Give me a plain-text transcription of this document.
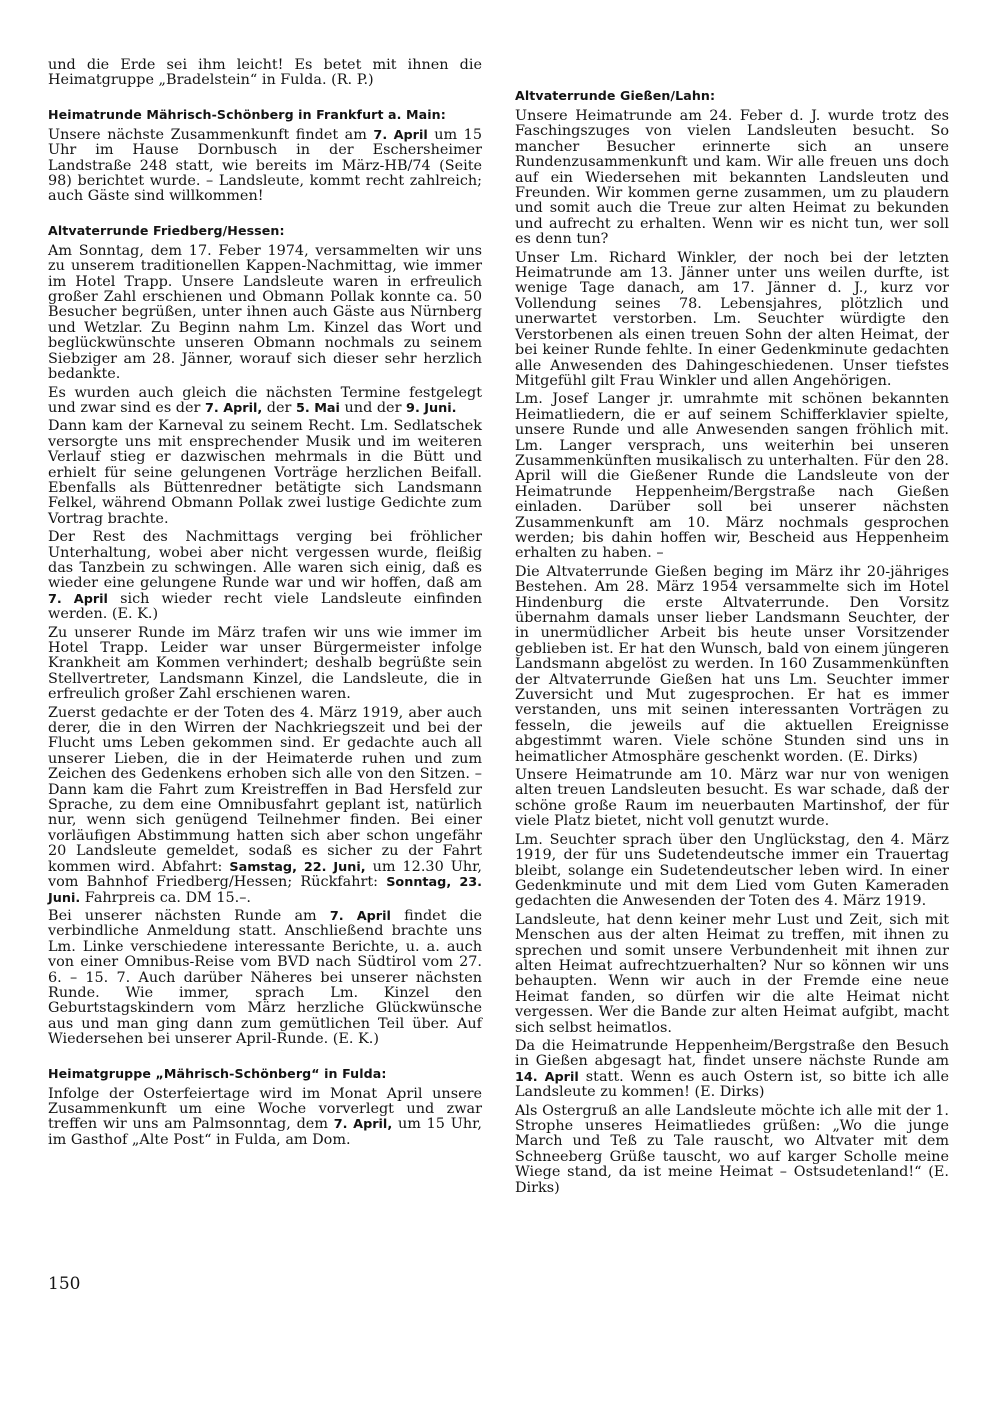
und die Erde sei ihm leicht! Es betet mit ihnen die Heimatgruppe „Bradelstein“ in Fulda. (R. P.)

Heimatrunde Mährisch-Schönberg in Frankfurt a. Main:

Unsere nächste Zusammenkunft findet am 7. April um 15 Uhr im Hause Dornbusch in der Eschersheimer Landstraße 248 statt, wie bereits im März-HB/74 (Seite 98) berichtet wurde. – Landsleute, kommt recht zahlreich; auch Gäste sind willkommen!

Altvaterrunde Friedberg/Hessen:

Am Sonntag, dem 17. Feber 1974, versammelten wir uns zu unserem traditionellen Kappen-Nachmittag, wie immer im Hotel Trapp. Unsere Landsleute waren in erfreulich großer Zahl erschienen und Obmann Pollak konnte ca. 50 Besucher begrüßen, unter ihnen auch Gäste aus Nürnberg und Wetzlar. Zu Beginn nahm Lm. Kinzel das Wort und beglückwünschte unseren Obmann nochmals zu seinem Siebziger am 28. Jänner, worauf sich dieser sehr herzlich bedankte.

Es wurden auch gleich die nächsten Termine festgelegt und zwar sind es der 7. April, der 5. Mai und der 9. Juni.

Dann kam der Karneval zu seinem Recht. Lm. Sedlatschek versorgte uns mit ensprechender Musik und im weiteren Verlauf stieg er dazwischen mehrmals in die Bütt und erhielt für seine gelungenen Vorträge herzlichen Beifall. Ebenfalls als Büttenredner betätigte sich Landsmann Felkel, während Obmann Pollak zwei lustige Gedichte zum Vortrag brachte.

Der Rest des Nachmittags verging bei fröhlicher Unterhaltung, wobei aber nicht vergessen wurde, fleißig das Tanzbein zu schwingen. Alle waren sich einig, daß es wieder eine gelungene Runde war und wir hoffen, daß am 7. April sich wieder recht viele Landsleute einfinden werden. (E. K.)

Zu unserer Runde im März trafen wir uns wie immer im Hotel Trapp. Leider war unser Bürgermeister infolge Krankheit am Kommen verhindert; deshalb begrüßte sein Stellvertreter, Landsmann Kinzel, die Landsleute, die in erfreulich großer Zahl erschienen waren.

Zuerst gedachte er der Toten des 4. März 1919, aber auch derer, die in den Wirren der Nachkriegszeit und bei der Flucht ums Leben gekommen sind. Er gedachte auch all unserer Lieben, die in der Heimaterde ruhen und zum Zeichen des Gedenkens erhoben sich alle von den Sitzen. – Dann kam die Fahrt zum Kreistreffen in Bad Hersfeld zur Sprache, zu dem eine Omnibusfahrt geplant ist, natürlich nur, wenn sich genügend Teilnehmer finden. Bei einer vorläufigen Abstimmung hatten sich aber schon ungefähr 20 Landsleute gemeldet, sodaß es sicher zu der Fahrt kommen wird. Abfahrt: Samstag, 22. Juni, um 12.30 Uhr, vom Bahnhof Friedberg/Hessen; Rückfahrt: Sonntag, 23. Juni. Fahrpreis ca. DM 15.–.

Bei unserer nächsten Runde am 7. April findet die verbindliche Anmeldung statt. Anschließend brachte uns Lm. Linke verschiedene interessante Berichte, u. a. auch von einer Omnibus-Reise vom BVD nach Südtirol vom 27. 6. – 15. 7. Auch darüber Näheres bei unserer nächsten Runde. Wie immer, sprach Lm. Kinzel den Geburtstagskindern vom März herzliche Glückwünsche aus und man ging dann zum gemütlichen Teil über. Auf Wiedersehen bei unserer April-Runde. (E. K.)

Heimatgruppe „Mährisch-Schönberg“ in Fulda:

Infolge der Osterfeiertage wird im Monat April unsere Zusammenkunft um eine Woche vorverlegt und zwar treffen wir uns am Palmsonntag, dem 7. April, um 15 Uhr, im Gasthof „Alte Post“ in Fulda, am Dom.

Altvaterrunde Gießen/Lahn:

Unsere Heimatrunde am 24. Feber d. J. wurde trotz des Faschingszuges von vielen Landsleuten besucht. So mancher Besucher erinnerte sich an unsere Rundenzusammenkunft und kam. Wir alle freuen uns doch auf ein Wiedersehen mit bekannten Landsleuten und Freunden. Wir kommen gerne zusammen, um zu plaudern und somit auch die Treue zur alten Heimat zu bekunden und aufrecht zu erhalten. Wenn wir es nicht tun, wer soll es denn tun?

Unser Lm. Richard Winkler, der noch bei der letzten Heimatrunde am 13. Jänner unter uns weilen durfte, ist wenige Tage danach, am 17. Jänner d. J., kurz vor Vollendung seines 78. Lebensjahres, plötzlich und unerwartet verstorben. Lm. Seuchter würdigte den Verstorbenen als einen treuen Sohn der alten Heimat, der bei keiner Runde fehlte. In einer Gedenkminute gedachten alle Anwesenden des Dahingeschiedenen. Unser tiefstes Mitgefühl gilt Frau Winkler und allen Angehörigen.

Lm. Josef Langer jr. umrahmte mit schönen bekannten Heimatliedern, die er auf seinem Schifferklavier spielte, unsere Runde und alle Anwesenden sangen fröhlich mit. Lm. Langer versprach, uns weiterhin bei unseren Zusammenkünften musikalisch zu unterhalten. Für den 28. April will die Gießener Runde die Landsleute von der Heimatrunde Heppenheim/Bergstraße nach Gießen einladen. Darüber soll bei unserer nächsten Zusammenkunft am 10. März nochmals gesprochen werden; bis dahin hoffen wir, Bescheid aus Heppenheim erhalten zu haben. –

Die Altvaterrunde Gießen beging im März ihr 20-jähriges Bestehen. Am 28. März 1954 versammelte sich im Hotel Hindenburg die erste Altvaterrunde. Den Vorsitz übernahm damals unser lieber Landsmann Seuchter, der in unermüdlicher Arbeit bis heute unser Vorsitzender geblieben ist. Er hat den Wunsch, bald von einem jüngeren Landsmann abgelöst zu werden. In 160 Zusammenkünften der Altvaterrunde Gießen hat uns Lm. Seuchter immer Zuversicht und Mut zugesprochen. Er hat es immer verstanden, uns mit seinen interessanten Vorträgen zu fesseln, die jeweils auf die aktuellen Ereignisse abgestimmt waren. Viele schöne Stunden sind uns in heimatlicher Atmosphäre geschenkt worden. (E. Dirks)

Unsere Heimatrunde am 10. März war nur von wenigen alten treuen Landsleuten besucht. Es war schade, daß der schöne große Raum im neuerbauten Martinshof, der für viele Platz bietet, nicht voll genutzt wurde.

Lm. Seuchter sprach über den Unglückstag, den 4. März 1919, der für uns Sudetendeutsche immer ein Trauertag bleibt, solange ein Sudetendeutscher leben wird. In einer Gedenkminute und mit dem Lied vom Guten Kameraden gedachten die Anwesenden der Toten des 4. März 1919.

Landsleute, hat denn keiner mehr Lust und Zeit, sich mit Menschen aus der alten Heimat zu treffen, mit ihnen zu sprechen und somit unsere Verbundenheit mit ihnen zur alten Heimat aufrechtzuerhalten? Nur so können wir uns behaupten. Wenn wir auch in der Fremde eine neue Heimat fanden, so dürfen wir die alte Heimat nicht vergessen. Wer die Bande zur alten Heimat aufgibt, macht sich selbst heimatlos.

Da die Heimatrunde Heppenheim/Bergstraße den Besuch in Gießen abgesagt hat, findet unsere nächste Runde am 14. April statt. Wenn es auch Ostern ist, so bitte ich alle Landsleute zu kommen! (E. Dirks)

Als Ostergruß an alle Landsleute möchte ich alle mit der 1. Strophe unseres Heimatliedes grüßen: „Wo die junge March und Teß zu Tale rauscht, wo Altvater mit dem Schneeberg Grüße tauscht, wo auf karger Scholle meine Wiege stand, da ist meine Heimat – Ostsudetenland!“ (E. Dirks)

150
